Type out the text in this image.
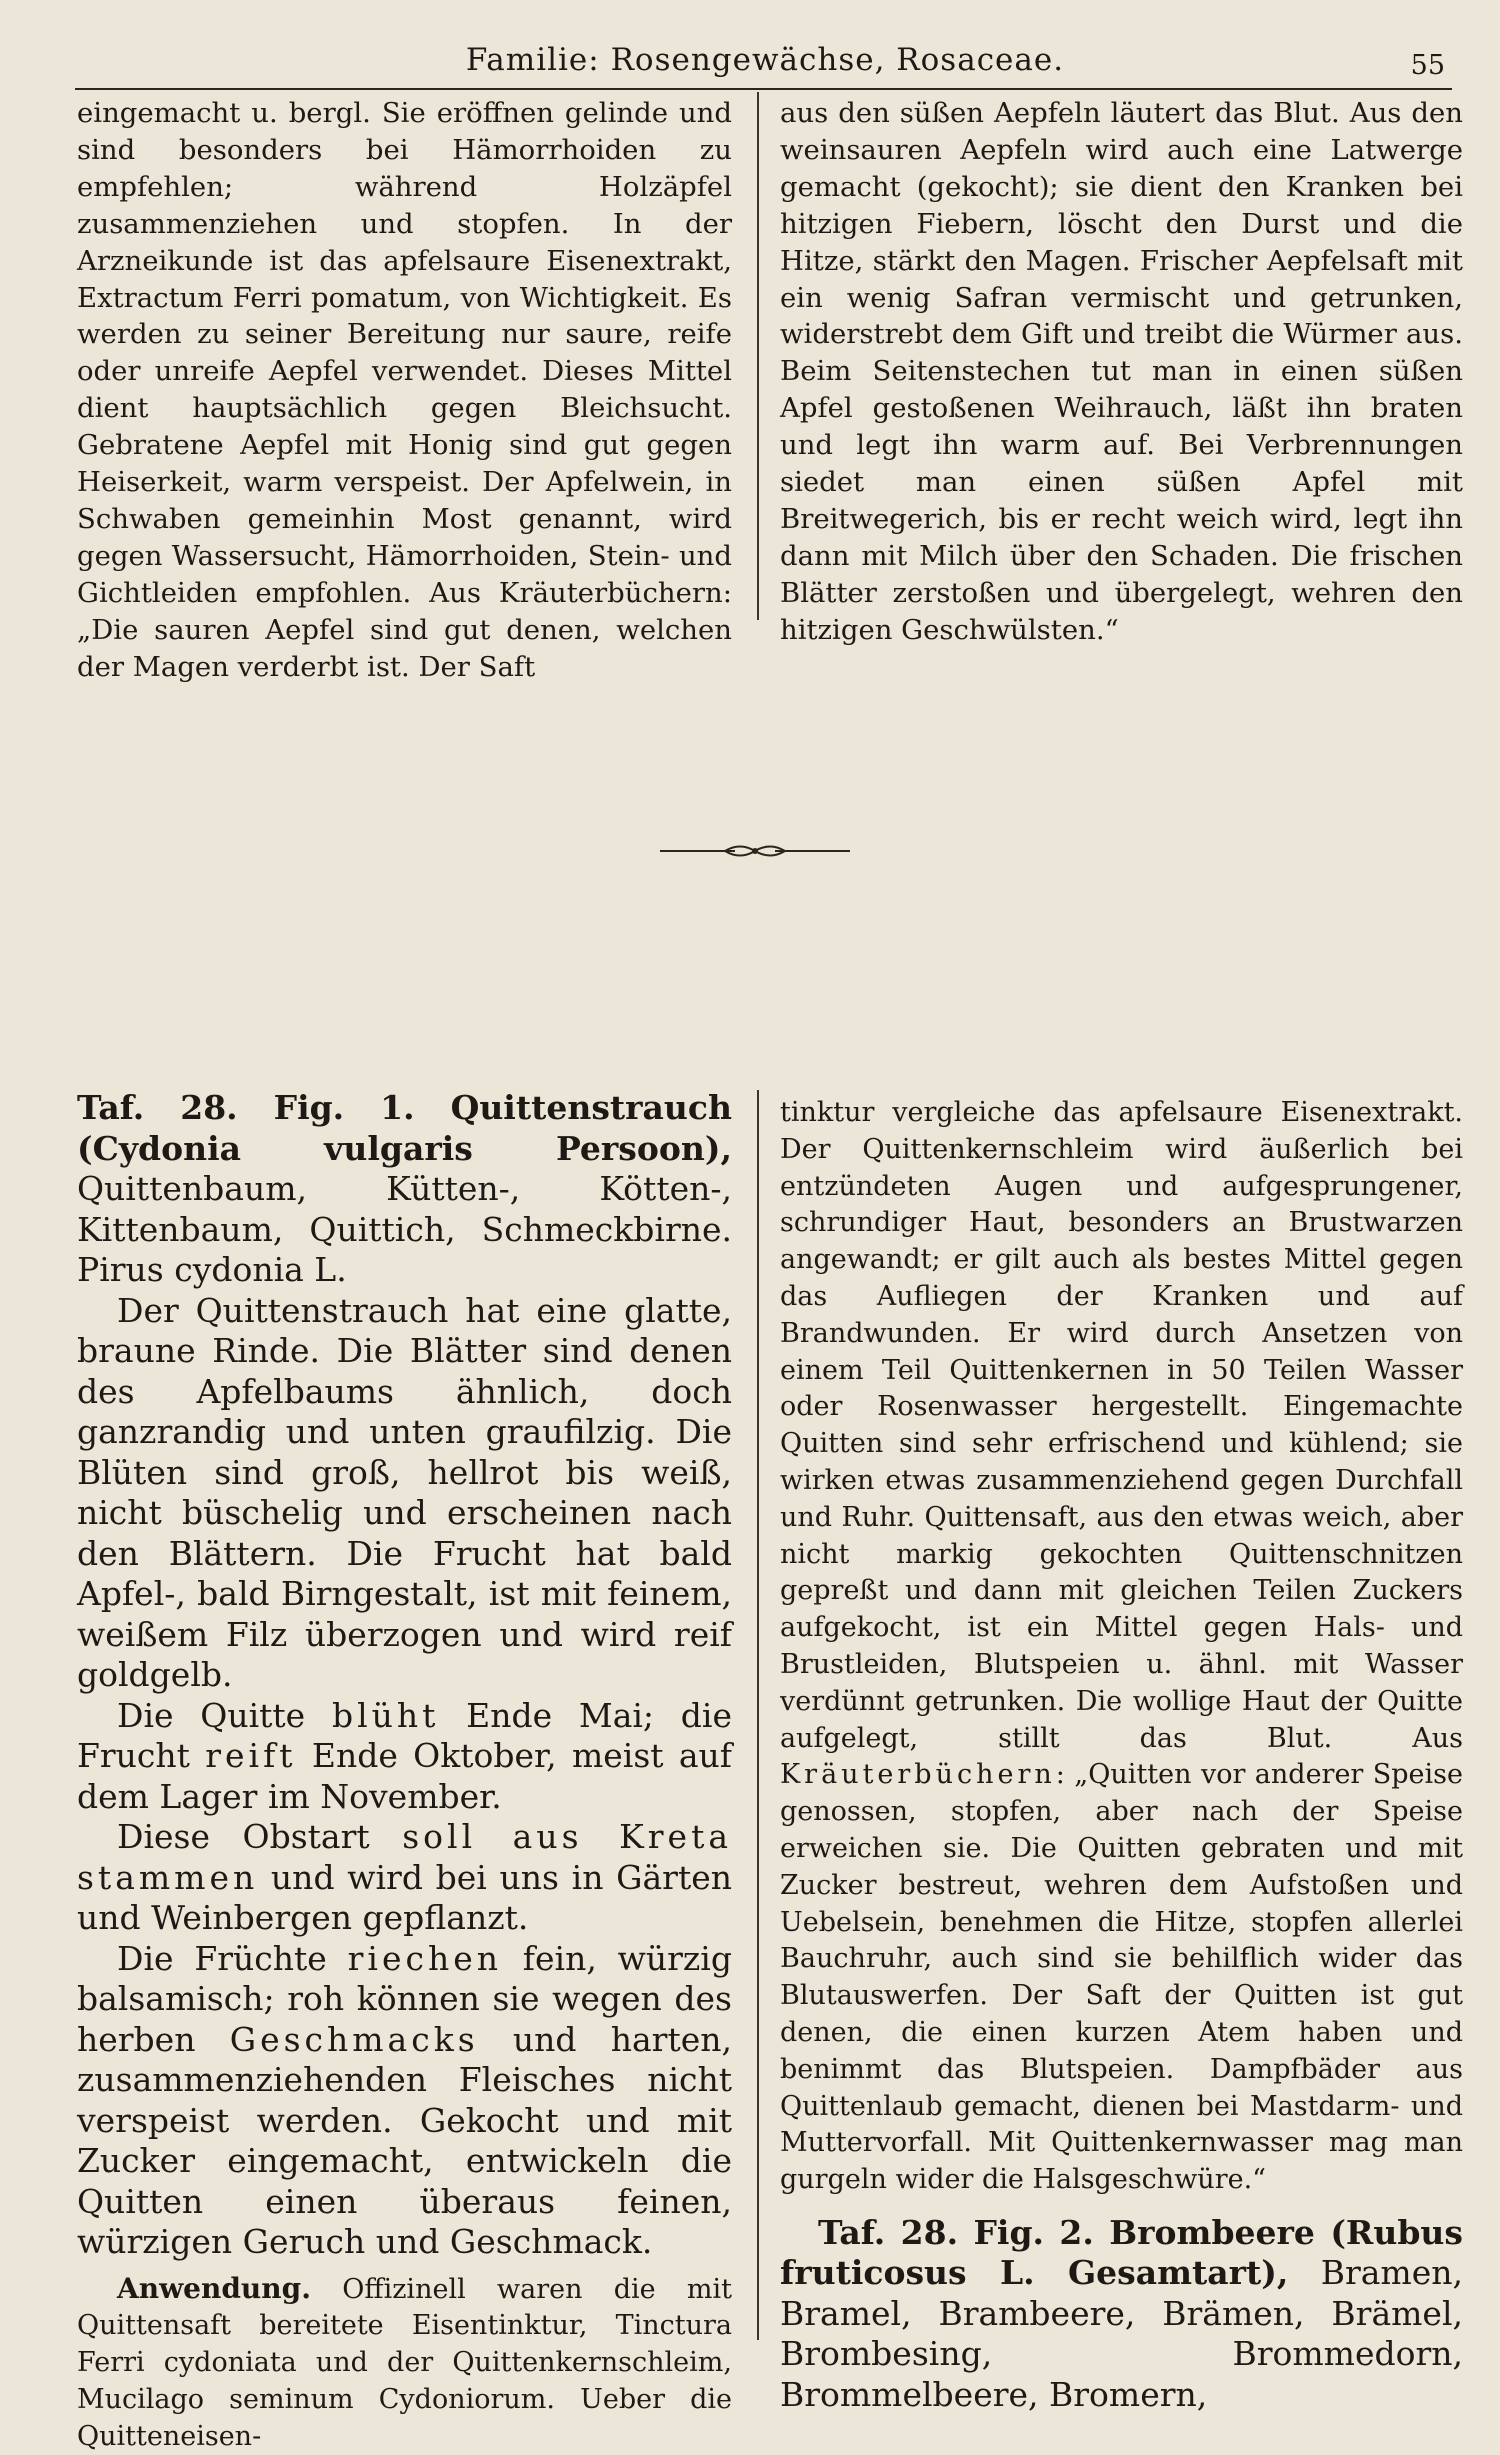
Familie: Rosengewächse, Rosaceae.	55

eingemacht u. bergl. Sie eröffnen gelinde und sind besonders bei Hämorrhoiden zu empfehlen; während Holzäpfel zusammenziehen und stopfen. In der Arzneikunde ist das apfelsaure Eisenextrakt, Extractum Ferri pomatum, von Wichtigkeit. Es werden zu seiner Bereitung nur saure, reife oder unreife Aepfel verwendet. Dieses Mittel dient hauptsächlich gegen Bleichsucht. Gebratene Aepfel mit Honig sind gut gegen Heiserkeit, warm verspeist. Der Apfelwein, in Schwaben gemeinhin Most genannt, wird gegen Wassersucht, Hämorrhoiden, Stein- und Gichtleiden empfohlen. Aus Kräuterbüchern: „Die sauren Aepfel sind gut denen, welchen der Magen verderbt ist. Der Saft

aus den süßen Aepfeln läutert das Blut. Aus den weinsauren Aepfeln wird auch eine Latwerge gemacht (gekocht); sie dient den Kranken bei hitzigen Fiebern, löscht den Durst und die Hitze, stärkt den Magen. Frischer Aepfelsaft mit ein wenig Safran vermischt und getrunken, widerstrebt dem Gift und treibt die Würmer aus. Beim Seitenstechen tut man in einen süßen Apfel gestoßenen Weihrauch, läßt ihn braten und legt ihn warm auf. Bei Verbrennungen siedet man einen süßen Apfel mit Breitwegerich, bis er recht weich wird, legt ihn dann mit Milch über den Schaden. Die frischen Blätter zerstoßen und übergelegt, wehren den hitzigen Geschwülsten.“

Taf. 28. Fig. 1. Quittenstrauch (Cydonia vulgaris Persoon), Quittenbaum, Kütten-, Kötten-, Kittenbaum, Quittich, Schmeckbirne. Pirus cydonia L.

Der Quittenstrauch hat eine glatte, braune Rinde. Die Blätter sind denen des Apfelbaums ähnlich, doch ganzrandig und unten graufilzig. Die Blüten sind groß, hellrot bis weiß, nicht büschelig und erscheinen nach den Blättern. Die Frucht hat bald Apfel-, bald Birngestalt, ist mit feinem, weißem Filz überzogen und wird reif goldgelb.

Die Quitte blüht Ende Mai; die Frucht reift Ende Oktober, meist auf dem Lager im November.

Diese Obstart soll aus Kreta stammen und wird bei uns in Gärten und Weinbergen gepflanzt.

Die Früchte riechen fein, würzig balsamisch; roh können sie wegen des herben Geschmacks und harten, zusammenziehenden Fleisches nicht verspeist werden. Gekocht und mit Zucker eingemacht, entwickeln die Quitten einen überaus feinen, würzigen Geruch und Geschmack.

Anwendung. Offizinell waren die mit Quittensaft bereitete Eisentinktur, Tinctura Ferri cydoniata und der Quittenkernschleim, Mucilago seminum Cydoniorum. Ueber die Quitteneisen-

tinktur vergleiche das apfelsaure Eisenextrakt. Der Quittenkernschleim wird äußerlich bei entzündeten Augen und aufgesprungener, schrundiger Haut, besonders an Brustwarzen angewandt; er gilt auch als bestes Mittel gegen das Aufliegen der Kranken und auf Brandwunden. Er wird durch Ansetzen von einem Teil Quittenkernen in 50 Teilen Wasser oder Rosenwasser hergestellt. Eingemachte Quitten sind sehr erfrischend und kühlend; sie wirken etwas zusammenziehend gegen Durchfall und Ruhr. Quittensaft, aus den etwas weich, aber nicht markig gekochten Quittenschnitzen gepreßt und dann mit gleichen Teilen Zuckers aufgekocht, ist ein Mittel gegen Hals- und Brustleiden, Blutspeien u. ähnl. mit Wasser verdünnt getrunken. Die wollige Haut der Quitte aufgelegt, stillt das Blut. Aus Kräuterbüchern: „Quitten vor anderer Speise genossen, stopfen, aber nach der Speise erweichen sie. Die Quitten gebraten und mit Zucker bestreut, wehren dem Aufstoßen und Uebelsein, benehmen die Hitze, stopfen allerlei Bauchruhr, auch sind sie behilflich wider das Blutauswerfen. Der Saft der Quitten ist gut denen, die einen kurzen Atem haben und benimmt das Blutspeien. Dampfbäder aus Quittenlaub gemacht, dienen bei Mastdarm- und Muttervorfall. Mit Quittenkernwasser mag man gurgeln wider die Halsgeschwüre.“

Taf. 28. Fig. 2. Brombeere (Rubus fruticosus L. Gesamtart), Bramen, Bramel, Brambeere, Brämen, Brämel, Brombesing, Brommedorn, Brommelbeere, Bromern,
